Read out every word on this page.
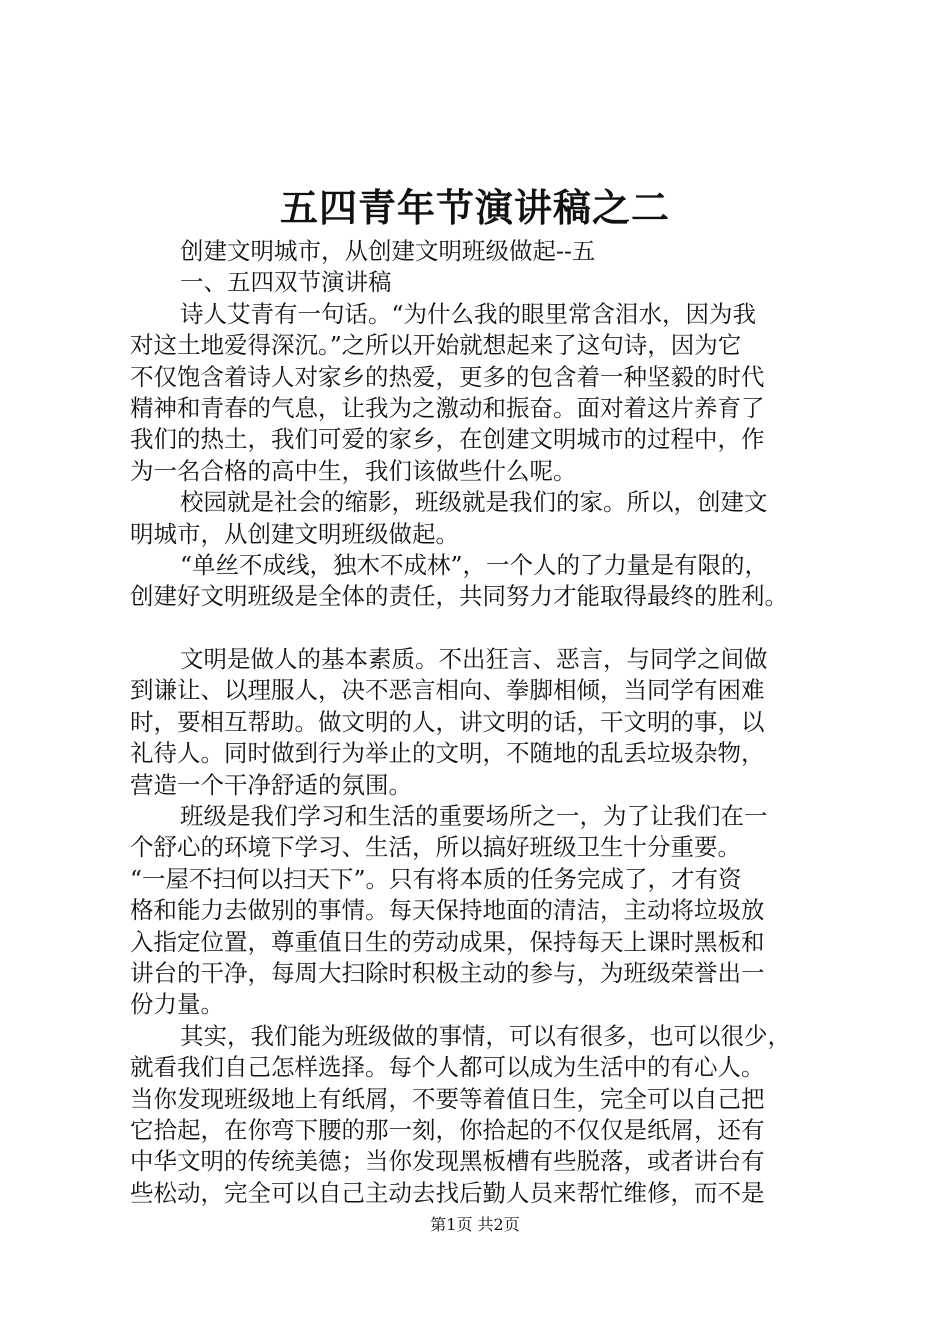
五四青年节演讲稿之二
创建文明城市，从创建文明班级做起--五
一、五四双节演讲稿
诗人艾青有一句话。“为什么我的眼里常含泪水，因为我
对这土地爱得深沉。”之所以开始就想起来了这句诗，因为它
不仅饱含着诗人对家乡的热爱，更多的包含着一种坚毅的时代
精神和青春的气息，让我为之激动和振奋。面对着这片养育了
我们的热土，我们可爱的家乡，在创建文明城市的过程中，作
为一名合格的高中生，我们该做些什么呢。
校园就是社会的缩影，班级就是我们的家。所以，创建文
明城市，从创建文明班级做起。
“单丝不成线，独木不成林”，一个人的了力量是有限的，
创建好文明班级是全体的责任，共同努力才能取得最终的胜利。
文明是做人的基本素质。不出狂言、恶言，与同学之间做
到谦让、以理服人，决不恶言相向、拳脚相倾，当同学有困难
时，要相互帮助。做文明的人，讲文明的话，干文明的事，以
礼待人。同时做到行为举止的文明，不随地的乱丢垃圾杂物，
营造一个干净舒适的氛围。
班级是我们学习和生活的重要场所之一，为了让我们在一
个舒心的环境下学习、生活，所以搞好班级卫生十分重要。
“一屋不扫何以扫天下”。只有将本质的任务完成了，才有资
格和能力去做别的事情。每天保持地面的清洁，主动将垃圾放
入指定位置，尊重值日生的劳动成果，保持每天上课时黑板和
讲台的干净，每周大扫除时积极主动的参与，为班级荣誉出一
份力量。
其实，我们能为班级做的事情，可以有很多，也可以很少，
就看我们自己怎样选择。每个人都可以成为生活中的有心人。
当你发现班级地上有纸屑，不要等着值日生，完全可以自己把
它拾起，在你弯下腰的那一刻，你拾起的不仅仅是纸屑，还有
中华文明的传统美德；当你发现黑板槽有些脱落，或者讲台有
些松动，完全可以自己主动去找后勤人员来帮忙维修，而不是
第1页 共2页
